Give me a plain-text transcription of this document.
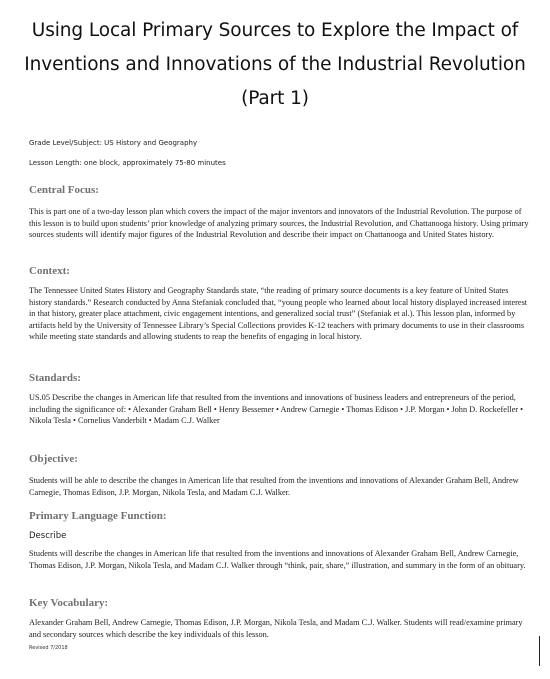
Using Local Primary Sources to Explore the Impact of
Inventions and Innovations of the Industrial Revolution
(Part 1)
Grade Level/Subject: US History and Geography
Lesson Length: one block, approximately 75-80 minutes
Central Focus:
This is part one of a two-day lesson plan which covers the impact of the major inventors and innovators of the Industrial Revolution. The purpose of this lesson is to build upon students’ prior knowledge of analyzing primary sources, the Industrial Revolution, and Chattanooga history. Using primary sources students will identify major figures of the Industrial Revolution and describe their impact on Chattanooga and United States history.
Context:
The Tennessee United States History and Geography Standards state, “the reading of primary source documents is a key feature of United States history standards.” Research conducted by Anna Stefaniak concluded that, “young people who learned about local history displayed increased interest in that history, greater place attachment, civic engagement intentions, and generalized social trust” (Stefaniak et al.). This lesson plan, informed by artifacts held by the University of Tennessee Library’s Special Collections provides K-12 teachers with primary documents to use in their classrooms while meeting state standards and allowing students to reap the benefits of engaging in local history.
Standards:
US.05 Describe the changes in American life that resulted from the inventions and innovations of business leaders and entrepreneurs of the period, including the significance of: • Alexander Graham Bell • Henry Bessemer • Andrew Carnegie • Thomas Edison • J.P. Morgan • John D. Rockefeller • Nikola Tesla • Cornelius Vanderbilt • Madam C.J. Walker
Objective:
Students will be able to describe the changes in American life that resulted from the inventions and innovations of Alexander Graham Bell, Andrew Carnegie, Thomas Edison, J.P. Morgan, Nikola Tesla, and Madam C.J. Walker.
Primary Language Function:
Describe
Students will describe the changes in American life that resulted from the inventions and innovations of Alexander Graham Bell, Andrew Carnegie, Thomas Edison, J.P. Morgan, Nikola Tesla, and Madam C.J. Walker through “think, pair, share,” illustration, and summary in the form of an obituary.
Key Vocabulary:
Alexander Graham Bell, Andrew Carnegie, Thomas Edison, J.P. Morgan, Nikola Tesla, and Madam C.J. Walker. Students will read/examine primary and secondary sources which describe the key individuals of this lesson.
Revised 7/2018
